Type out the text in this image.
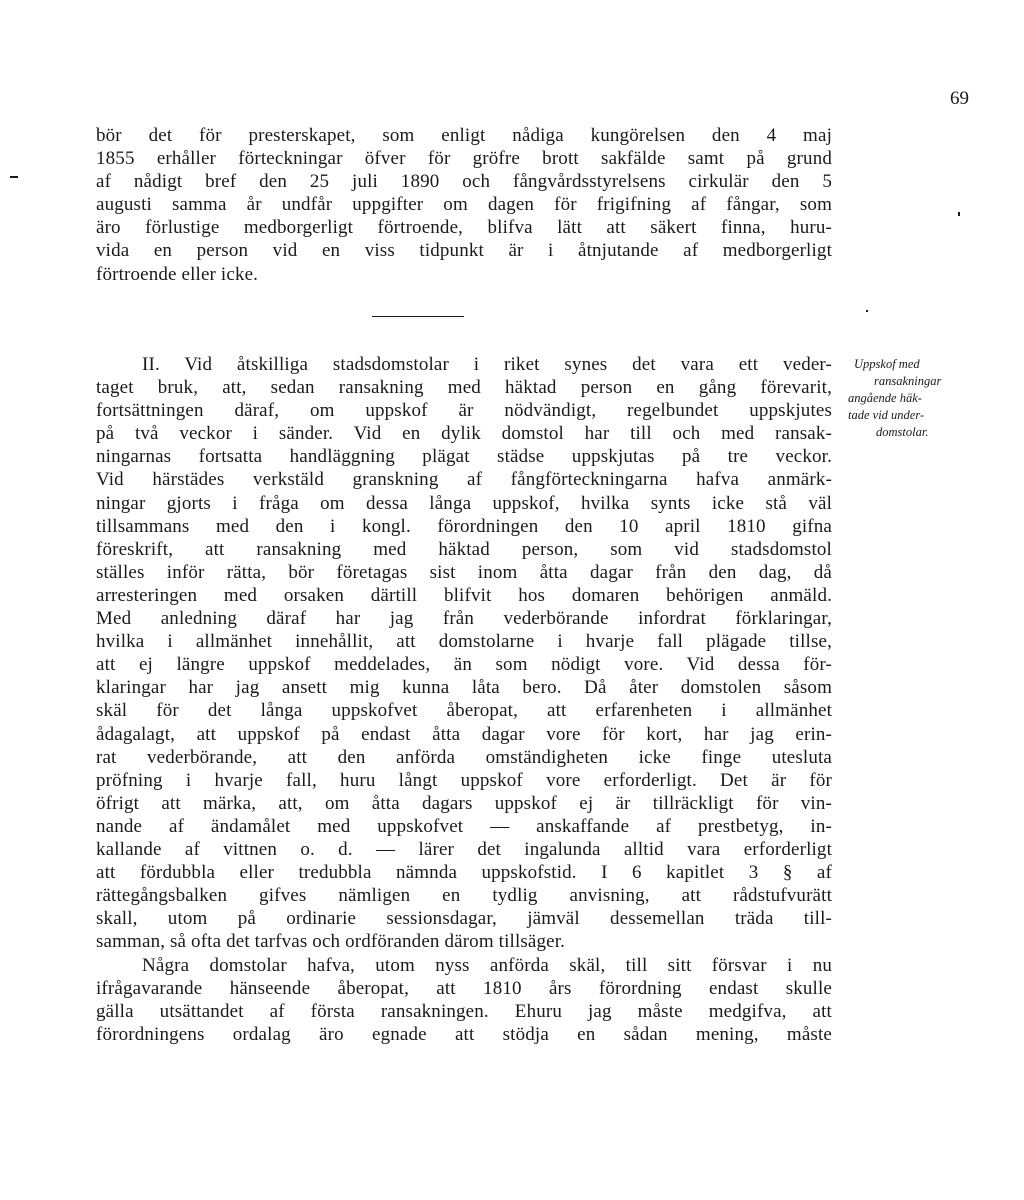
69
bör det för presterskapet, som enligt nådiga kungörelsen den 4 maj
1855 erhåller förteckningar öfver för gröfre brott sakfälde samt på grund
af nådigt bref den 25 juli 1890 och fångvårdsstyrelsens cirkulär den 5
augusti samma år undfår uppgifter om dagen för frigifning af fångar, som
äro förlustige medborgerligt förtroende, blifva lätt att säkert finna, huru-
vida en person vid en viss tidpunkt är i åtnjutande af medborgerligt
förtroende eller icke.
II. Vid åtskilliga stadsdomstolar i riket synes det vara ett veder-
taget bruk, att, sedan ransakning med häktad person en gång förevarit,
fortsättningen däraf, om uppskof är nödvändigt, regelbundet uppskjutes
på två veckor i sänder. Vid en dylik domstol har till och med ransak-
ningarnas fortsatta handläggning plägat städse uppskjutas på tre veckor.
Vid härstädes verkstäld granskning af fångförteckningarna hafva anmärk-
ningar gjorts i fråga om dessa långa uppskof, hvilka synts icke stå väl
tillsammans med den i kongl. förordningen den 10 april 1810 gifna
föreskrift, att ransakning med häktad person, som vid stadsdomstol
ställes inför rätta, bör företagas sist inom åtta dagar från den dag, då
arresteringen med orsaken därtill blifvit hos domaren behörigen anmäld.
Med anledning däraf har jag från vederbörande infordrat förklaringar,
hvilka i allmänhet innehållit, att domstolarne i hvarje fall plägade tillse,
att ej längre uppskof meddelades, än som nödigt vore. Vid dessa för-
klaringar har jag ansett mig kunna låta bero. Då åter domstolen såsom
skäl för det långa uppskofvet åberopat, att erfarenheten i allmänhet
ådagalagt, att uppskof på endast åtta dagar vore för kort, har jag erin-
rat vederbörande, att den anförda omständigheten icke finge utesluta
pröfning i hvarje fall, huru långt uppskof vore erforderligt. Det är för
öfrigt att märka, att, om åtta dagars uppskof ej är tillräckligt för vin-
nande af ändamålet med uppskofvet — anskaffande af prestbetyg, in-
kallande af vittnen o. d. — lärer det ingalunda alltid vara erforderligt
att fördubbla eller tredubbla nämnda uppskofstid. I 6 kapitlet 3 § af
rättegångsbalken gifves nämligen en tydlig anvisning, att rådstufvurätt
skall, utom på ordinarie sessionsdagar, jämväl dessemellan träda till-
samman, så ofta det tarfvas och ordföranden därom tillsäger.
Några domstolar hafva, utom nyss anförda skäl, till sitt försvar i nu
ifrågavarande hänseende åberopat, att 1810 års förordning endast skulle
gälla utsättandet af första ransakningen. Ehuru jag måste medgifva, att
förordningens ordalag äro egnade att stödja en sådan mening, måste
Uppskof med
ransakningar
angående häk-
tade vid under-
domstolar.
